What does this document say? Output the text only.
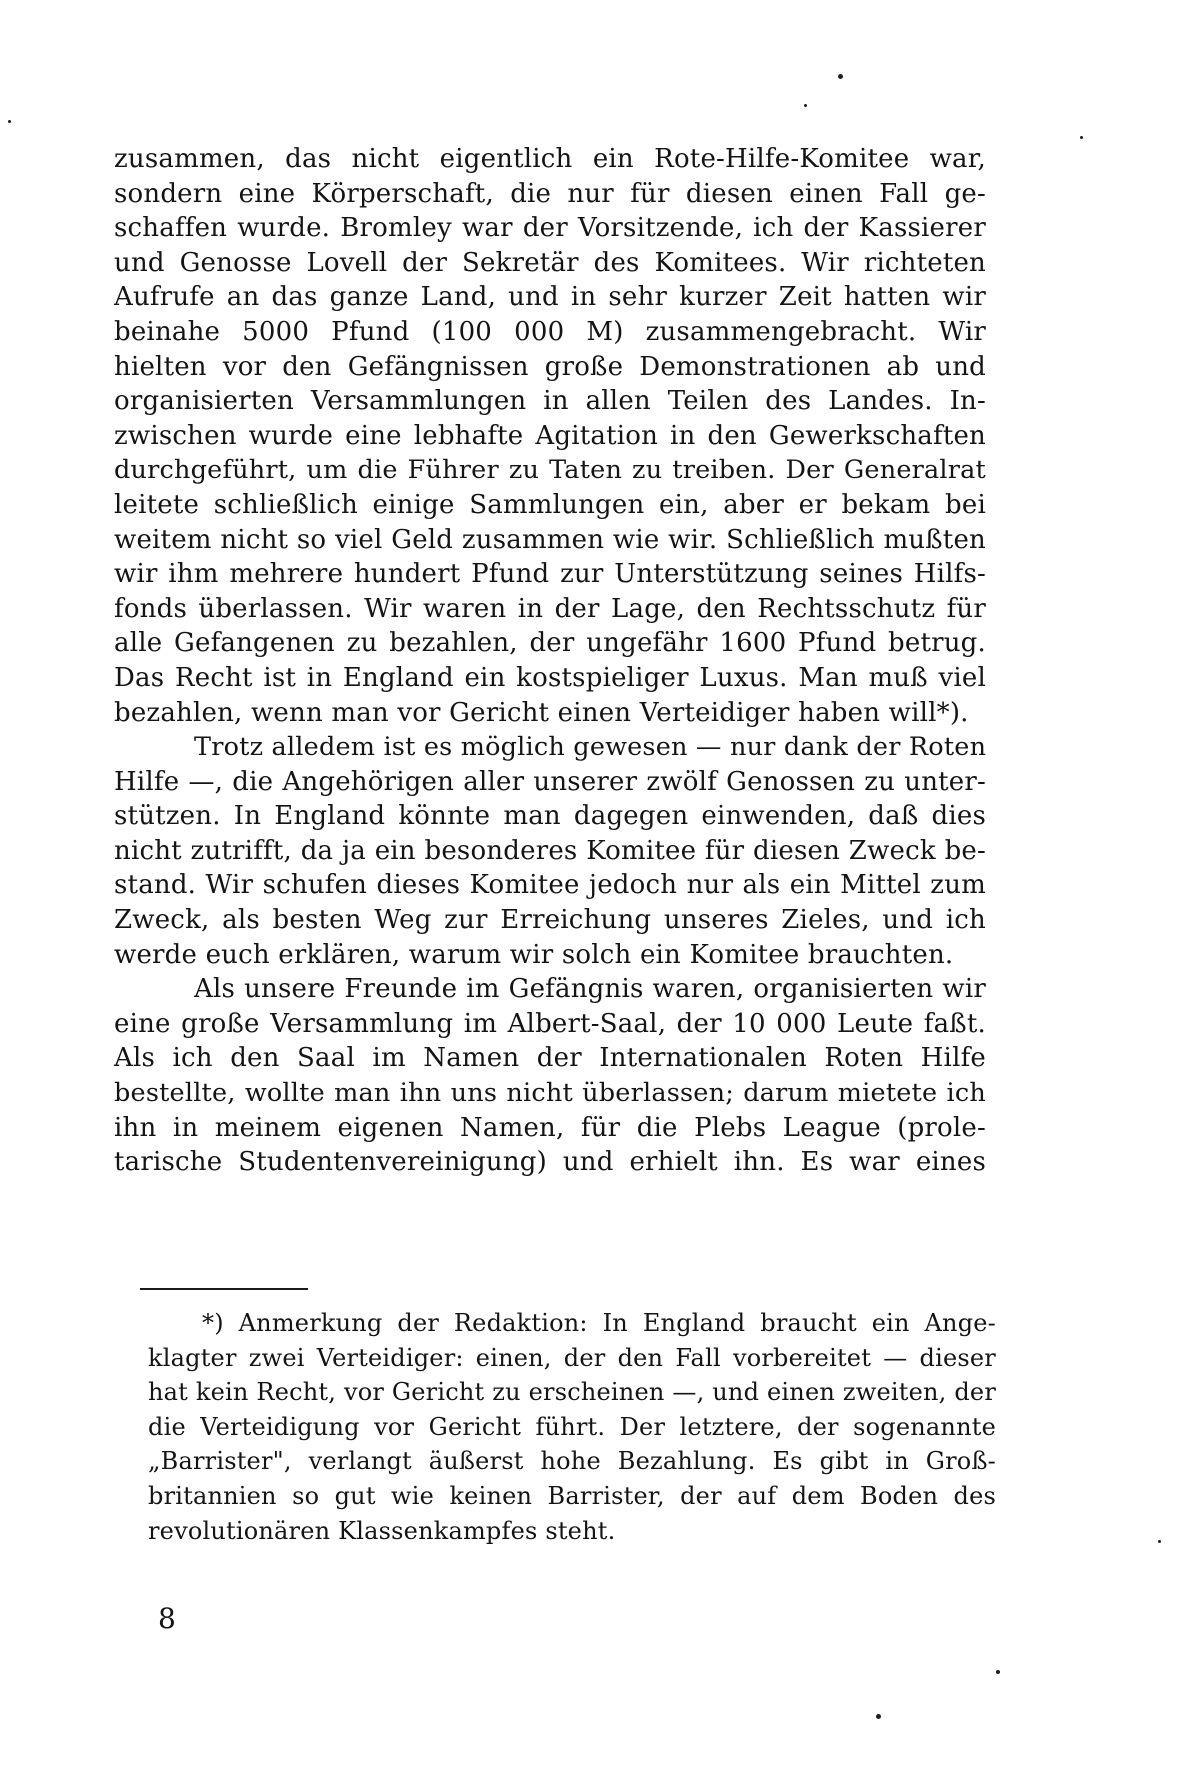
zusammen, das nicht eigentlich ein Rote-Hilfe-Komitee war,
sondern eine Körperschaft, die nur für diesen einen Fall ge-
schaffen wurde. Bromley war der Vorsitzende, ich der Kassierer
und Genosse Lovell der Sekretär des Komitees. Wir richteten
Aufrufe an das ganze Land, und in sehr kurzer Zeit hatten wir
beinahe 5000 Pfund (100 000 M) zusammengebracht. Wir
hielten vor den Gefängnissen große Demonstrationen ab und
organisierten Versammlungen in allen Teilen des Landes. In-
zwischen wurde eine lebhafte Agitation in den Gewerkschaften
durchgeführt, um die Führer zu Taten zu treiben. Der Generalrat
leitete schließlich einige Sammlungen ein, aber er bekam bei
weitem nicht so viel Geld zusammen wie wir. Schließlich mußten
wir ihm mehrere hundert Pfund zur Unterstützung seines Hilfs-
fonds überlassen. Wir waren in der Lage, den Rechtsschutz für
alle Gefangenen zu bezahlen, der ungefähr 1600 Pfund betrug.
Das Recht ist in England ein kostspieliger Luxus. Man muß viel
bezahlen, wenn man vor Gericht einen Verteidiger haben will*).
Trotz alledem ist es möglich gewesen — nur dank der Roten
Hilfe —, die Angehörigen aller unserer zwölf Genossen zu unter-
stützen. In England könnte man dagegen einwenden, daß dies
nicht zutrifft, da ja ein besonderes Komitee für diesen Zweck be-
stand. Wir schufen dieses Komitee jedoch nur als ein Mittel zum
Zweck, als besten Weg zur Erreichung unseres Zieles, und ich
werde euch erklären, warum wir solch ein Komitee brauchten.
Als unsere Freunde im Gefängnis waren, organisierten wir
eine große Versammlung im Albert-Saal, der 10 000 Leute faßt.
Als ich den Saal im Namen der Internationalen Roten Hilfe
bestellte, wollte man ihn uns nicht überlassen; darum mietete ich
ihn in meinem eigenen Namen, für die Plebs League (prole-
tarische Studentenvereinigung) und erhielt ihn. Es war eines
*) Anmerkung der Redaktion: In England braucht ein Ange-
klagter zwei Verteidiger: einen, der den Fall vorbereitet — dieser
hat kein Recht, vor Gericht zu erscheinen —, und einen zweiten, der
die Verteidigung vor Gericht führt. Der letztere, der sogenannte
„Barrister", verlangt äußerst hohe Bezahlung. Es gibt in Groß-
britannien so gut wie keinen Barrister, der auf dem Boden des
revolutionären Klassenkampfes steht.
8
